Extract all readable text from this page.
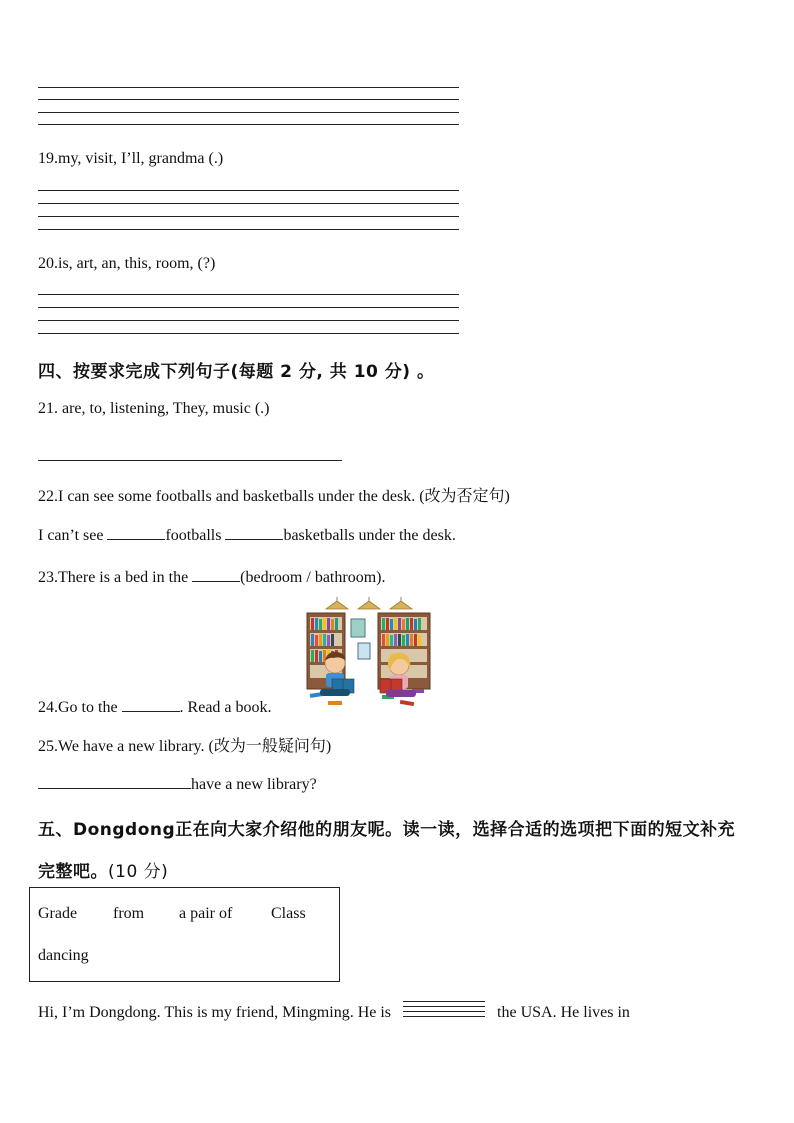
19.my, visit, I’ll, grandma (.)
20.is, art, an, this, room, (?)
四、按要求完成下列句子(每题 2 分, 共 10 分) 。
21. are, to, listening, They, music (.)
22.I can see some footballs and basketballs under the desk. (改为否定句)
I can’t see	footballs	basketballs under the desk.
23.There is a bed in the	(bedroom / bathroom).
24.Go to the	. Read a book.
25.We have a new library. (改为一般疑问句)
have a new library?
五、Dongdong正在向大家介绍他的朋友呢。读一读，选择合适的选项把下面的短文补充
完整吧。(10 分)
Grade from a pair of Class
dancing
Hi, I’m Dongdong. This is my friend, Mingming. He is	the USA. He lives in
